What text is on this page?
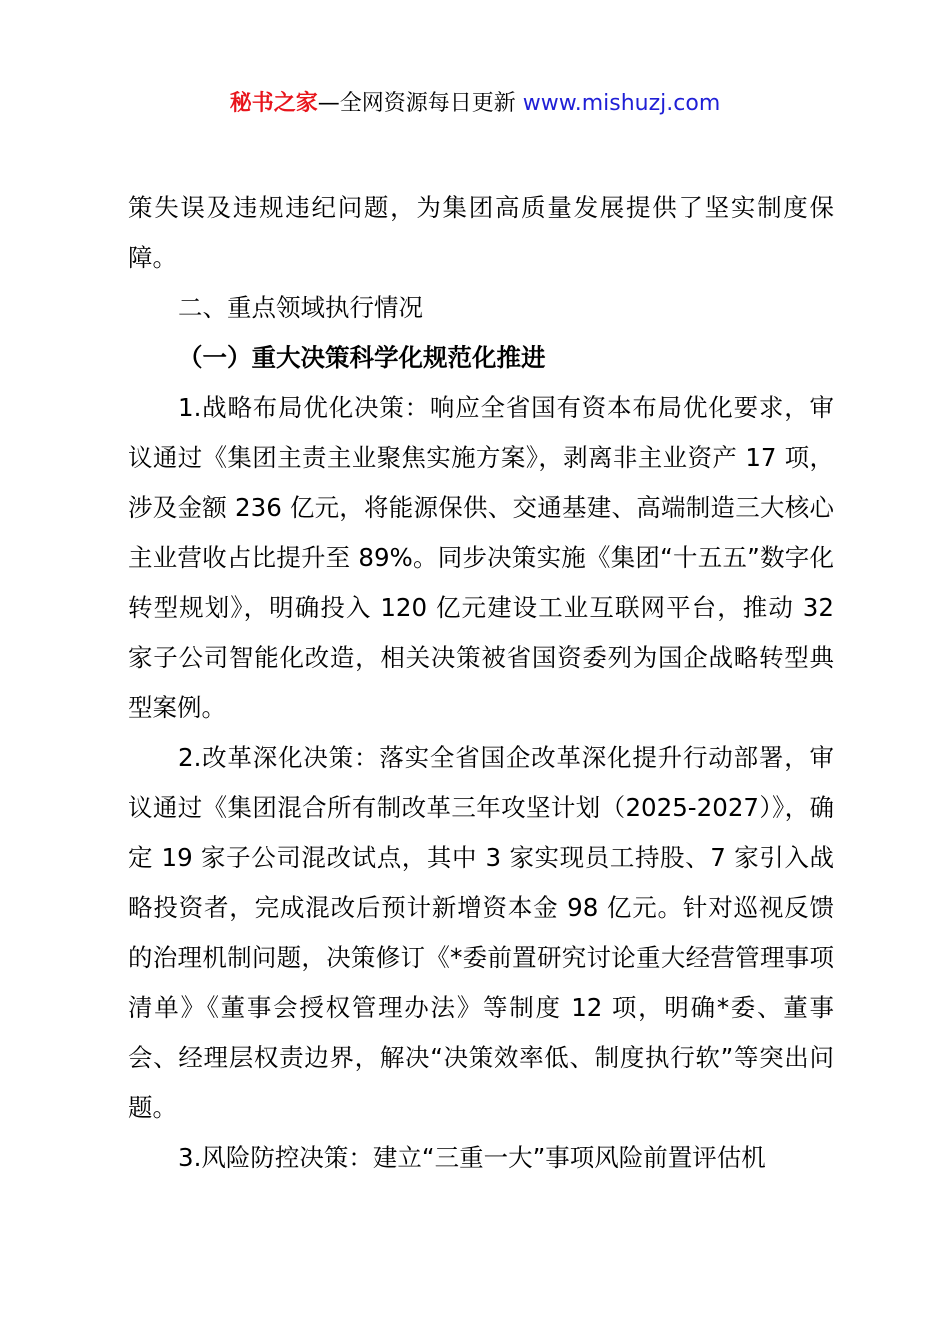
秘书之家—全网资源每日更新 www.mishuzj.com

策失误及违规违纪问题，为集团高质量发展提供了坚实制度保障。

二、重点领域执行情况

（一）重大决策科学化规范化推进

1.战略布局优化决策：响应全省国有资本布局优化要求，审议通过《集团主责主业聚焦实施方案》，剥离非主业资产 17 项，涉及金额 236 亿元，将能源保供、交通基建、高端制造三大核心主业营收占比提升至 89%。同步决策实施《集团“十五五”数字化转型规划》，明确投入 120 亿元建设工业互联网平台，推动 32 家子公司智能化改造，相关决策被省国资委列为国企战略转型典型案例。

2.改革深化决策：落实全省国企改革深化提升行动部署，审议通过《集团混合所有制改革三年攻坚计划（2025-2027）》，确定 19 家子公司混改试点，其中 3 家实现员工持股、7 家引入战略投资者，完成混改后预计新增资本金 98 亿元。针对巡视反馈的治理机制问题，决策修订《*委前置研究讨论重大经营管理事项清单》《董事会授权管理办法》等制度 12 项，明确*委、董事会、经理层权责边界，解决“决策效率低、制度执行软”等突出问题。

3.风险防控决策：建立“三重一大”事项风险前置评估机
